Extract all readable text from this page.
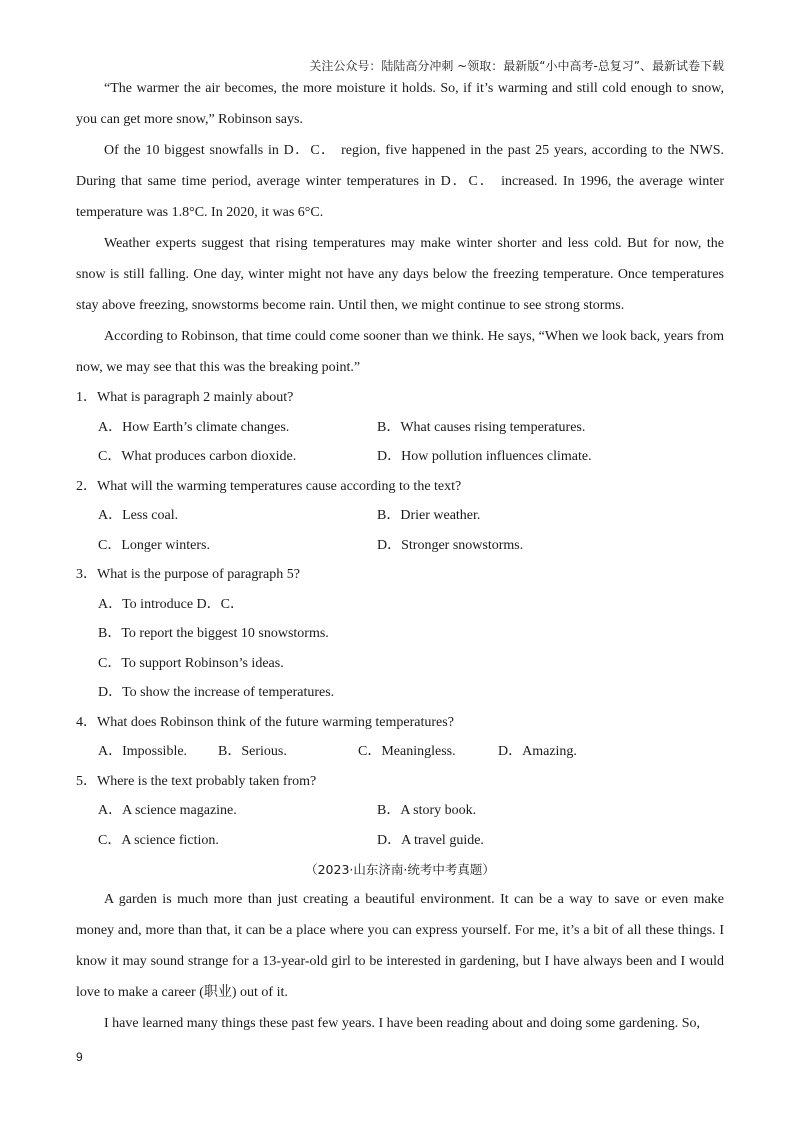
关注公众号：陆陆高分冲刺 ~领取：最新版“小中高考-总复习”、最新试卷下载

“The warmer the air becomes, the more moisture it holds. So, if it’s warming and still cold enough to snow, you can get more snow,” Robinson says.

Of the 10 biggest snowfalls in D．C． region, five happened in the past 25 years, according to the NWS. During that same time period, average winter temperatures in D．C． increased. In 1996, the average winter temperature was 1.8°C. In 2020, it was 6°C.

Weather experts suggest that rising temperatures may make winter shorter and less cold. But for now, the snow is still falling. One day, winter might not have any days below the freezing temperature. Once temperatures stay above freezing, snowstorms become rain. Until then, we might continue to see strong storms.

According to Robinson, that time could come sooner than we think. He says, “When we look back, years from now, we may see that this was the breaking point.”

1．What is paragraph 2 mainly about?

A．How Earth’s climate changes.	B．What causes rising temperatures.
C．What produces carbon dioxide.	D．How pollution influences climate.

2．What will the warming temperatures cause according to the text?

A．Less coal.	B．Drier weather.
C．Longer winters.	D．Stronger snowstorms.

3．What is the purpose of paragraph 5?

A．To introduce D．C．
B．To report the biggest 10 snowstorms.
C．To support Robinson’s ideas.
D．To show the increase of temperatures.

4．What does Robinson think of the future warming temperatures?

A．Impossible.	B．Serious.	C．Meaningless.	D．Amazing.

5．Where is the text probably taken from?

A．A science magazine.	B．A story book.
C．A science fiction.	D．A travel guide.
（2023·山东济南·统考中考真题）

A garden is much more than just creating a beautiful environment. It can be a way to save or even make money and, more than that, it can be a place where you can express yourself. For me, it’s a bit of all these things. I know it may sound strange for a 13-year-old girl to be interested in gardening, but I have always been and I would love to make a career (职业) out of it.

I have learned many things these past few years. I have been reading about and doing some gardening. So,

9
